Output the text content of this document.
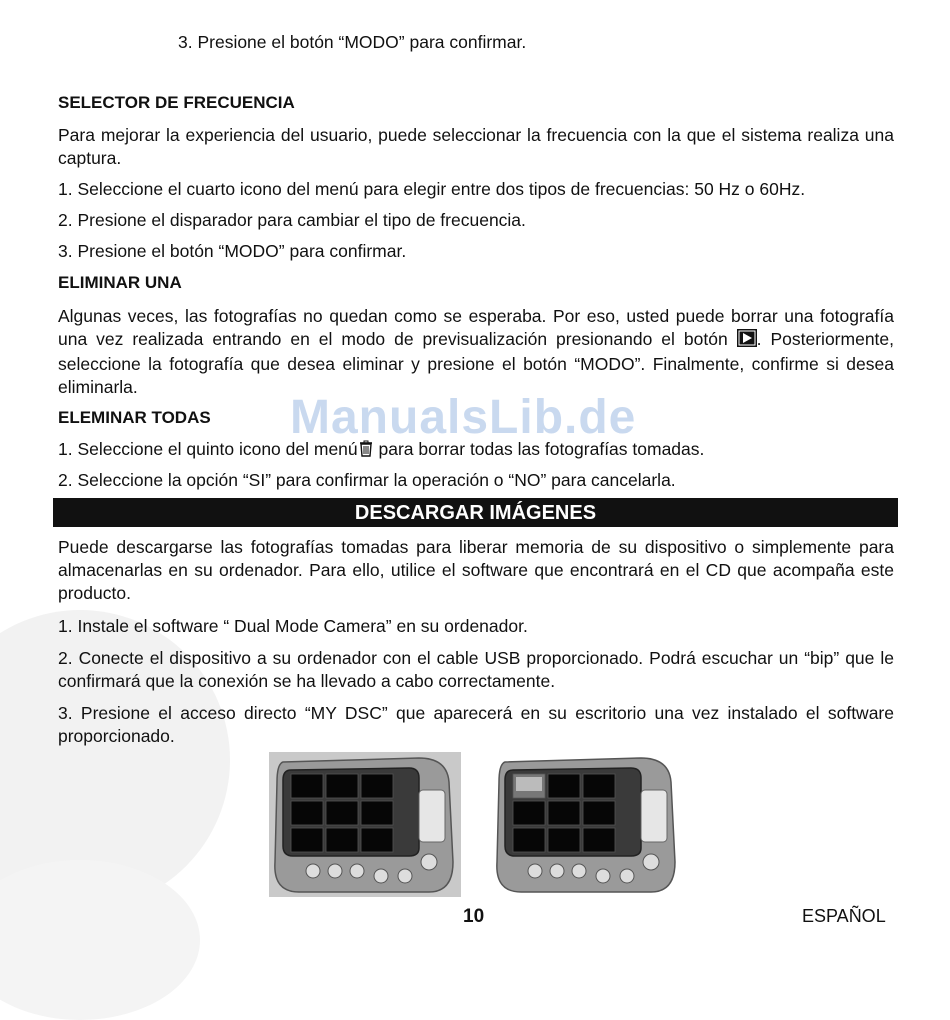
3. Presione el botón “MODO” para confirmar.

SELECTOR DE FRECUENCIA

Para mejorar la experiencia del usuario, puede seleccionar la frecuencia con la que el sistema realiza una captura.

1. Seleccione el cuarto icono del menú para elegir entre dos tipos de frecuencias: 50 Hz o 60Hz.

2. Presione el disparador para cambiar el tipo de frecuencia.

3. Presione el botón “MODO” para confirmar.

ELIMINAR UNA

Algunas veces, las fotografías no quedan como se esperaba. Por eso, usted puede borrar una fotografía una vez realizada entrando en el modo de previsualización presionando el botón . Posteriormente, seleccione la fotografía que desea eliminar y presione el botón “MODO”. Finalmente, confirme si desea eliminarla.

ELEMINAR TODAS

1. Seleccione el quinto icono del menú para borrar todas las fotografías tomadas.

2. Seleccione la opción “SI” para confirmar la operación o “NO” para cancelarla.

DESCARGAR IMÁGENES

Puede descargarse las fotografías tomadas para liberar memoria de su dispositivo o simplemente para almacenarlas en su ordenador. Para ello, utilice el software que encontrará en el CD que acompaña este producto.

1. Instale el software “ Dual Mode Camera” en su ordenador.

2. Conecte el dispositivo a su ordenador con el cable USB proporcionado. Podrá escuchar un “bip” que le confirmará que la conexión se ha llevado a cabo correctamente.

3. Presione el acceso directo “MY DSC” que aparecerá en su escritorio una vez instalado el software proporcionado.

ManualsLib.de
10	ESPAÑOL
